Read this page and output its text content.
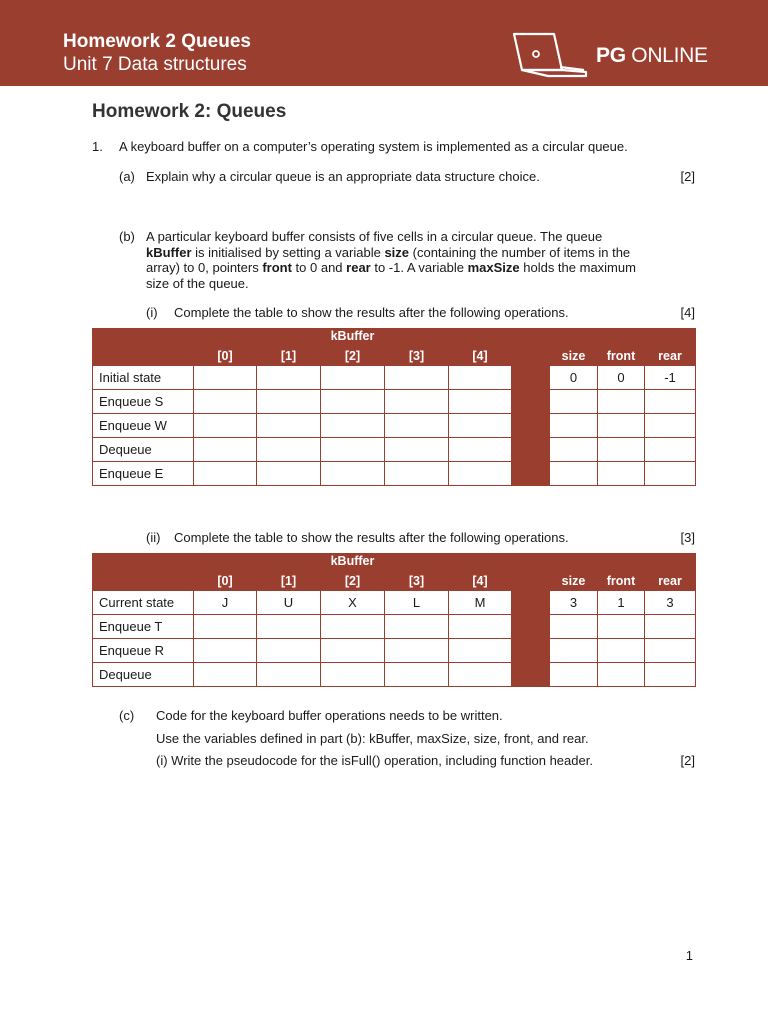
Homework 2 Queues
Unit 7 Data structures	PG ONLINE
Homework 2: Queues
1. A keyboard buffer on a computer’s operating system is implemented as a circular queue.
(a) Explain why a circular queue is an appropriate data structure choice.	[2]
(b) A particular keyboard buffer consists of five cells in a circular queue. The queue
kBuffer is initialised by setting a variable size (containing the number of items in the
array) to 0, pointers front to 0 and rear to -1. A variable maxSize holds the maximum
size of the queue.
(i) Complete the table to show the results after the following operations.	[4]
			kBuffer						
	[0]	[1]	[2]	[3]	[4]		size	front	rear
Initial state							0	0	-1
Enqueue S									
Enqueue W									
Dequeue									
Enqueue E									
(ii) Complete the table to show the results after the following operations.	[3]
			kBuffer						
	[0]	[1]	[2]	[3]	[4]		size	front	rear
Current state	J	U	X	L	M		3	1	3
Enqueue T									
Enqueue R									
Dequeue									
(c) Code for the keyboard buffer operations needs to be written.
Use the variables defined in part (b): kBuffer, maxSize, size, front, and rear.
(i) Write the pseudocode for the isFull() operation, including function header.	[2]
1
